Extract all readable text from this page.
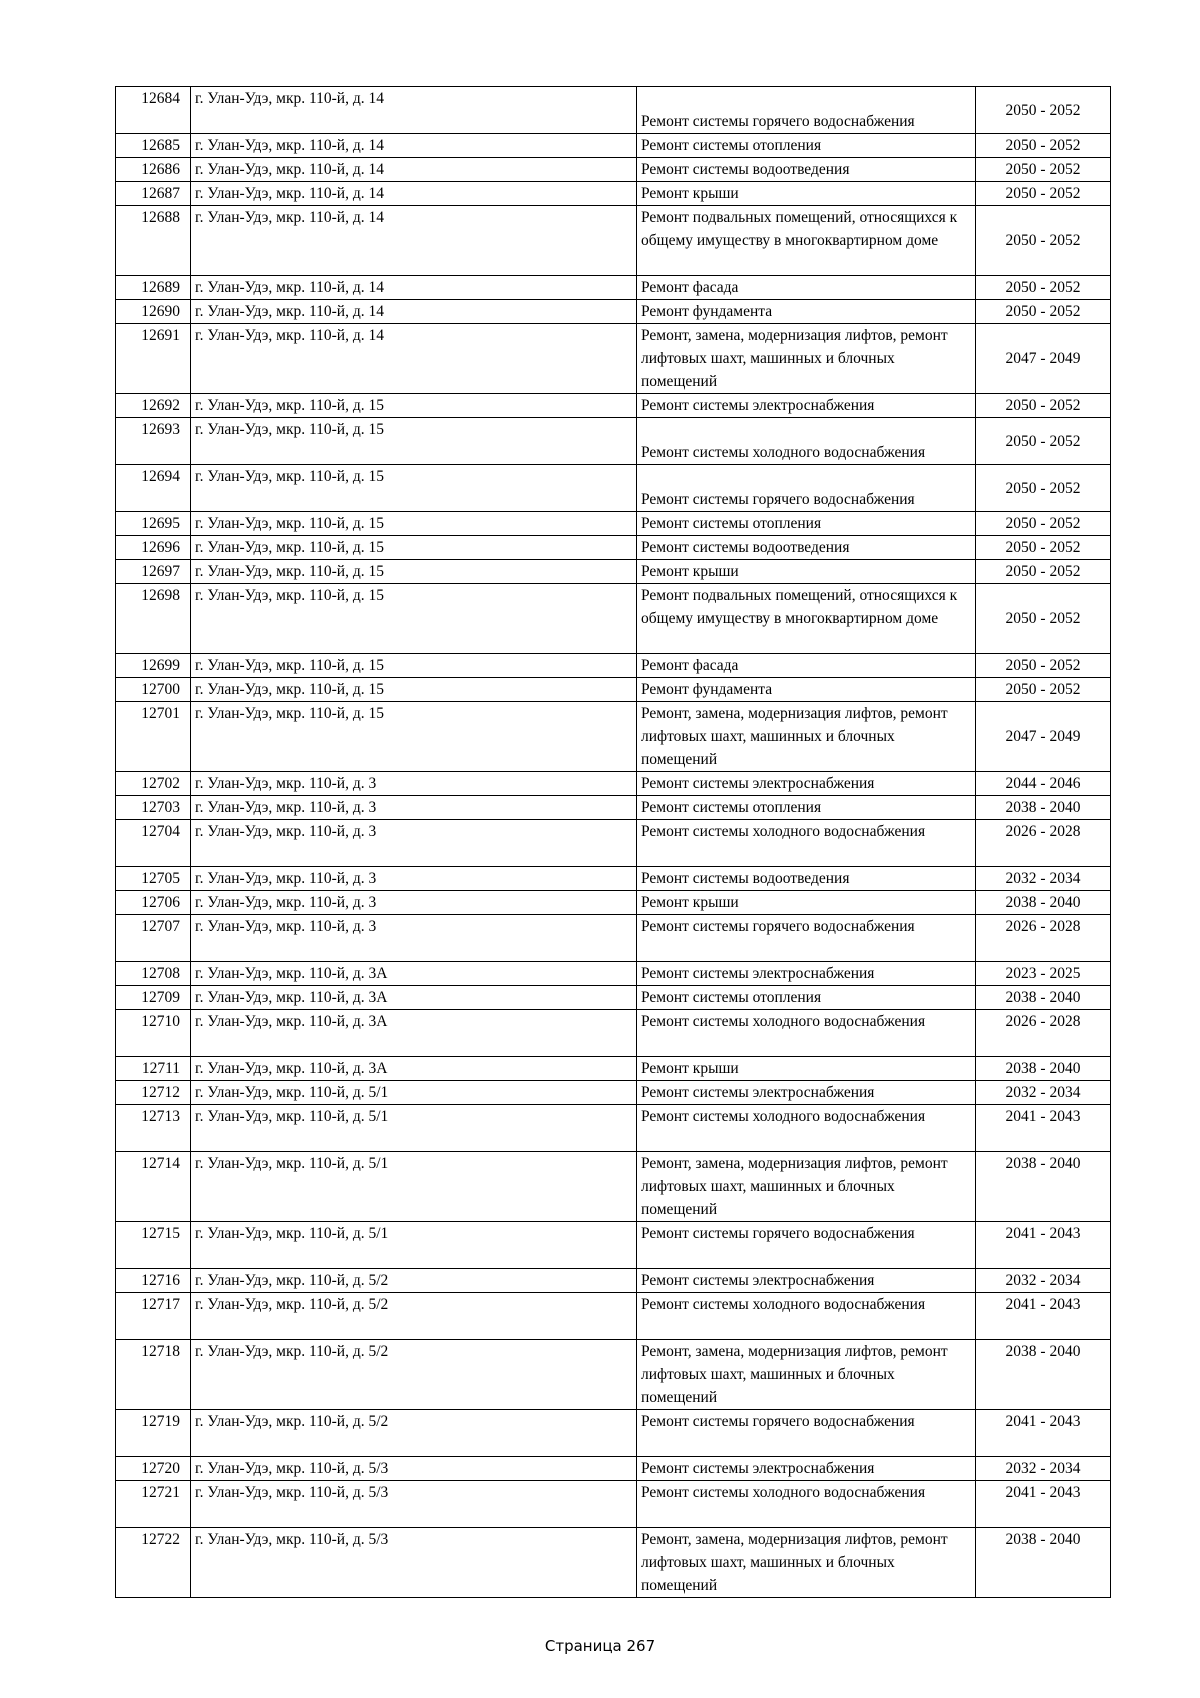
12684	г. Улан-Удэ, мкр. 110-й, д. 14	Ремонт системы горячего водоснабжения	2050 - 2052
12685	г. Улан-Удэ, мкр. 110-й, д. 14	Ремонт системы отопления	2050 - 2052
12686	г. Улан-Удэ, мкр. 110-й, д. 14	Ремонт системы водоотведения	2050 - 2052
12687	г. Улан-Удэ, мкр. 110-й, д. 14	Ремонт крыши	2050 - 2052
12688	г. Улан-Удэ, мкр. 110-й, д. 14	Ремонт подвальных помещений, относящихся к общему имуществу в многоквартирном доме	2050 - 2052
12689	г. Улан-Удэ, мкр. 110-й, д. 14	Ремонт фасада	2050 - 2052
12690	г. Улан-Удэ, мкр. 110-й, д. 14	Ремонт фундамента	2050 - 2052
12691	г. Улан-Удэ, мкр. 110-й, д. 14	Ремонт, замена, модернизация лифтов, ремонт лифтовых шахт, машинных и блочных помещений	2047 - 2049
12692	г. Улан-Удэ, мкр. 110-й, д. 15	Ремонт системы электроснабжения	2050 - 2052
12693	г. Улан-Удэ, мкр. 110-й, д. 15	Ремонт системы холодного водоснабжения	2050 - 2052
12694	г. Улан-Удэ, мкр. 110-й, д. 15	Ремонт системы горячего водоснабжения	2050 - 2052
12695	г. Улан-Удэ, мкр. 110-й, д. 15	Ремонт системы отопления	2050 - 2052
12696	г. Улан-Удэ, мкр. 110-й, д. 15	Ремонт системы водоотведения	2050 - 2052
12697	г. Улан-Удэ, мкр. 110-й, д. 15	Ремонт крыши	2050 - 2052
12698	г. Улан-Удэ, мкр. 110-й, д. 15	Ремонт подвальных помещений, относящихся к общему имуществу в многоквартирном доме	2050 - 2052
12699	г. Улан-Удэ, мкр. 110-й, д. 15	Ремонт фасада	2050 - 2052
12700	г. Улан-Удэ, мкр. 110-й, д. 15	Ремонт фундамента	2050 - 2052
12701	г. Улан-Удэ, мкр. 110-й, д. 15	Ремонт, замена, модернизация лифтов, ремонт лифтовых шахт, машинных и блочных помещений	2047 - 2049
12702	г. Улан-Удэ, мкр. 110-й, д. 3	Ремонт системы электроснабжения	2044 - 2046
12703	г. Улан-Удэ, мкр. 110-й, д. 3	Ремонт системы отопления	2038 - 2040
12704	г. Улан-Удэ, мкр. 110-й, д. 3	Ремонт системы холодного водоснабжения	2026 - 2028
12705	г. Улан-Удэ, мкр. 110-й, д. 3	Ремонт системы водоотведения	2032 - 2034
12706	г. Улан-Удэ, мкр. 110-й, д. 3	Ремонт крыши	2038 - 2040
12707	г. Улан-Удэ, мкр. 110-й, д. 3	Ремонт системы горячего водоснабжения	2026 - 2028
12708	г. Улан-Удэ, мкр. 110-й, д. 3А	Ремонт системы электроснабжения	2023 - 2025
12709	г. Улан-Удэ, мкр. 110-й, д. 3А	Ремонт системы отопления	2038 - 2040
12710	г. Улан-Удэ, мкр. 110-й, д. 3А	Ремонт системы холодного водоснабжения	2026 - 2028
12711	г. Улан-Удэ, мкр. 110-й, д. 3А	Ремонт крыши	2038 - 2040
12712	г. Улан-Удэ, мкр. 110-й, д. 5/1	Ремонт системы электроснабжения	2032 - 2034
12713	г. Улан-Удэ, мкр. 110-й, д. 5/1	Ремонт системы холодного водоснабжения	2041 - 2043
12714	г. Улан-Удэ, мкр. 110-й, д. 5/1	Ремонт, замена, модернизация лифтов, ремонт лифтовых шахт, машинных и блочных помещений	2038 - 2040
12715	г. Улан-Удэ, мкр. 110-й, д. 5/1	Ремонт системы горячего водоснабжения	2041 - 2043
12716	г. Улан-Удэ, мкр. 110-й, д. 5/2	Ремонт системы электроснабжения	2032 - 2034
12717	г. Улан-Удэ, мкр. 110-й, д. 5/2	Ремонт системы холодного водоснабжения	2041 - 2043
12718	г. Улан-Удэ, мкр. 110-й, д. 5/2	Ремонт, замена, модернизация лифтов, ремонт лифтовых шахт, машинных и блочных помещений	2038 - 2040
12719	г. Улан-Удэ, мкр. 110-й, д. 5/2	Ремонт системы горячего водоснабжения	2041 - 2043
12720	г. Улан-Удэ, мкр. 110-й, д. 5/3	Ремонт системы электроснабжения	2032 - 2034
12721	г. Улан-Удэ, мкр. 110-й, д. 5/3	Ремонт системы холодного водоснабжения	2041 - 2043
12722	г. Улан-Удэ, мкр. 110-й, д. 5/3	Ремонт, замена, модернизация лифтов, ремонт лифтовых шахт, машинных и блочных помещений	2038 - 2040
Страница 267
